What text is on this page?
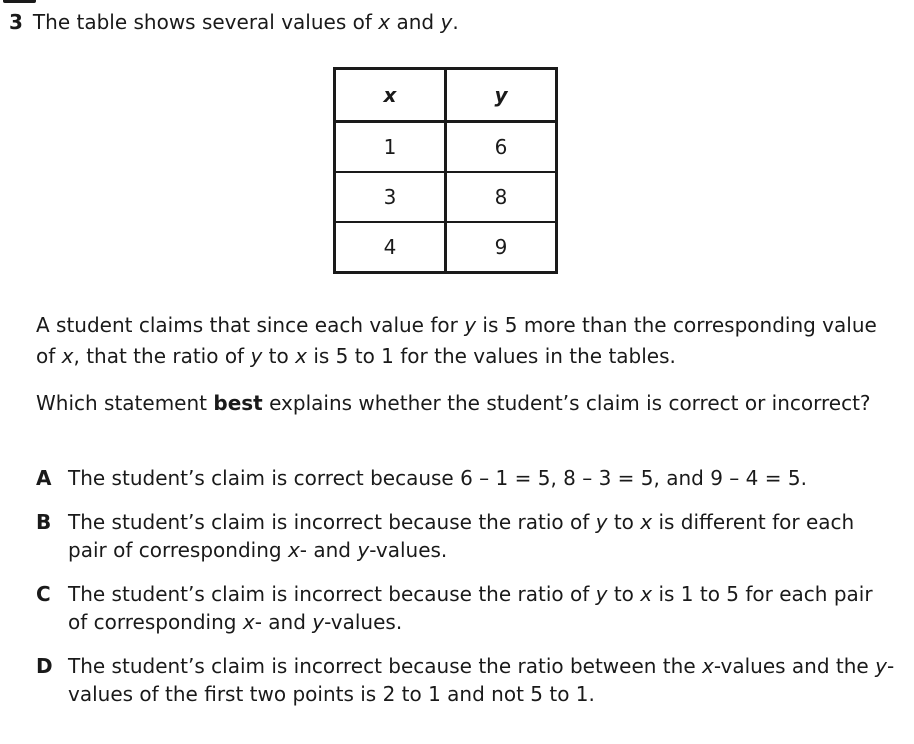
3 The table shows several values of x and y.
x	y
1	6
3	8
4	9
A student claims that since each value for y is 5 more than the corresponding value of x, that the ratio of y to x is 5 to 1 for the values in the tables.
Which statement best explains whether the student’s claim is correct or incorrect?
A The student’s claim is correct because 6 – 1 = 5, 8 – 3 = 5, and 9 – 4 = 5.
B The student’s claim is incorrect because the ratio of y to x is different for each pair of corresponding x- and y-values.
C The student’s claim is incorrect because the ratio of y to x is 1 to 5 for each pair of corresponding x- and y-values.
D The student’s claim is incorrect because the ratio between the x-values and the y-values of the first two points is 2 to 1 and not 5 to 1.
